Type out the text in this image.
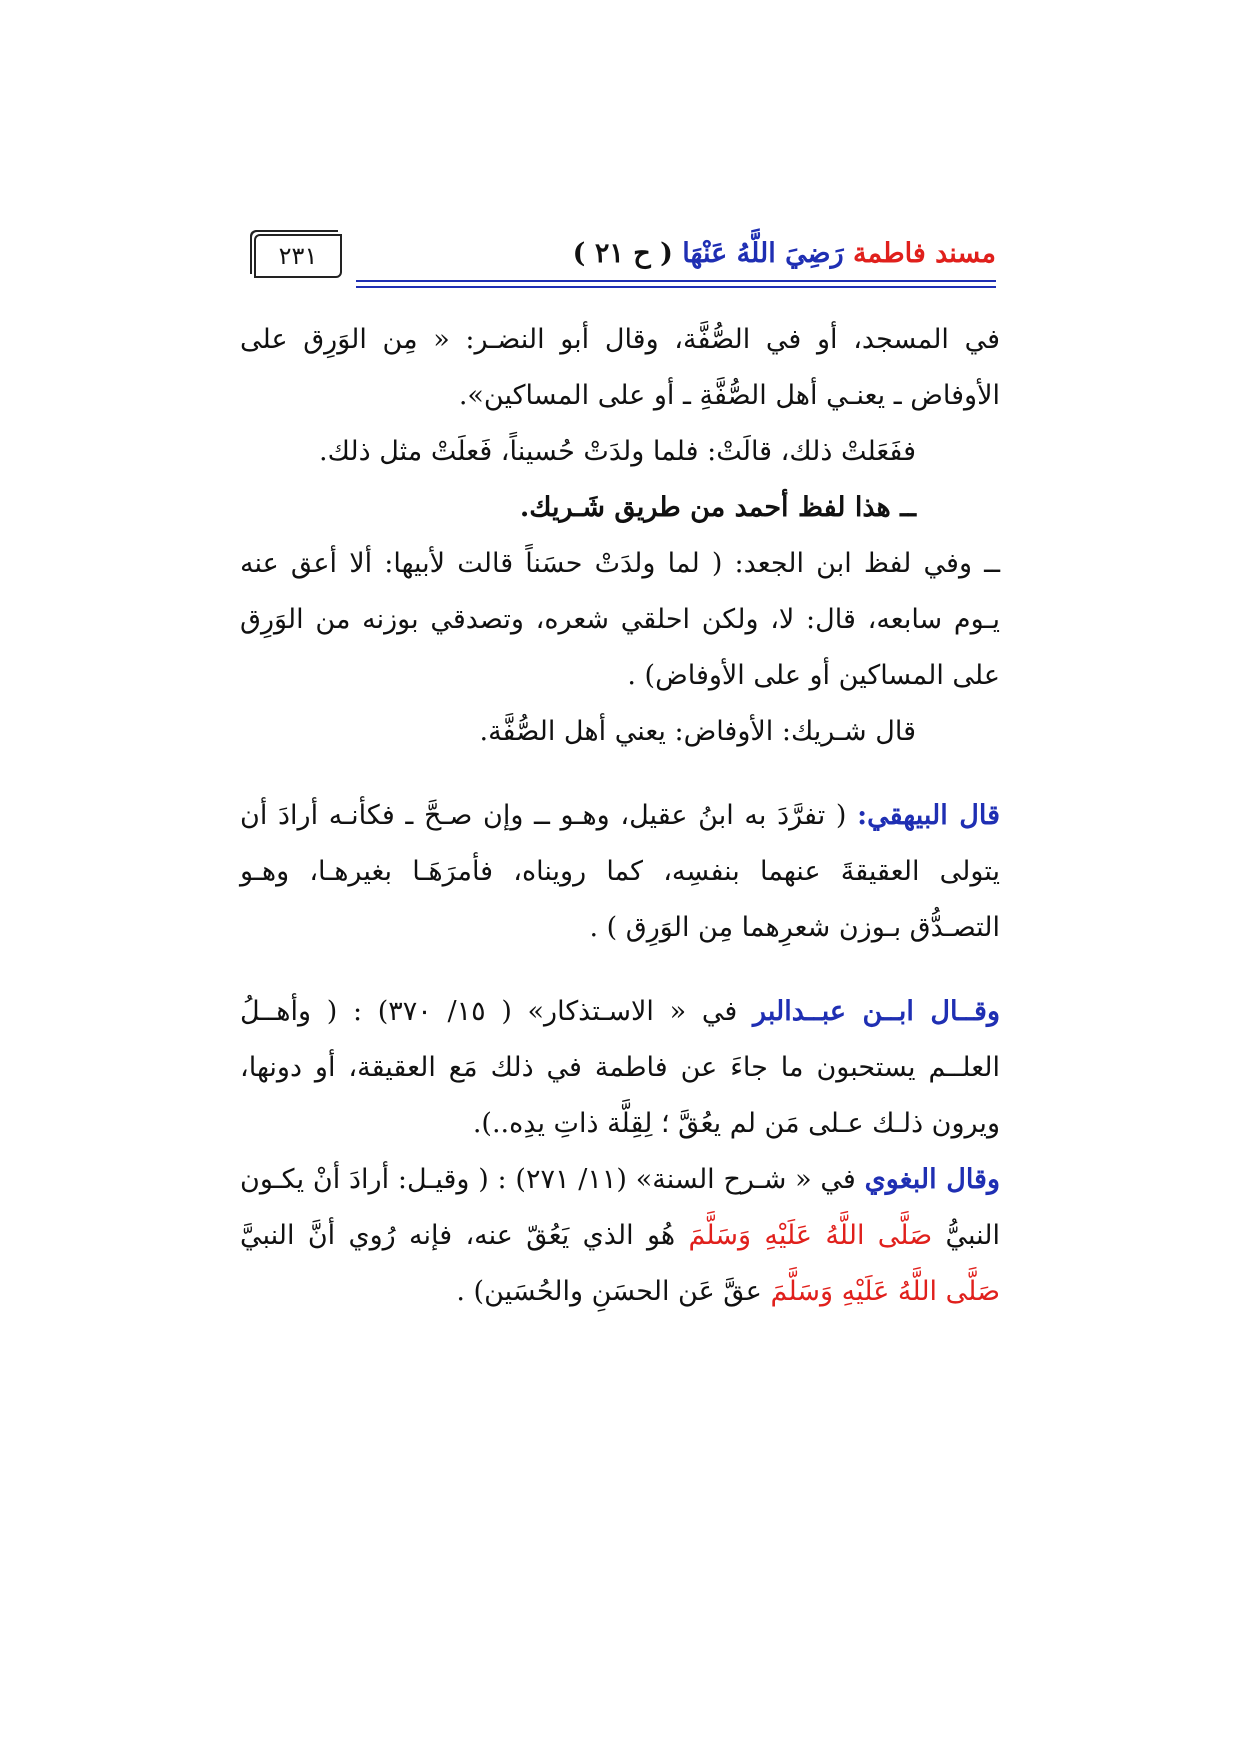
مسند فاطمة رَضِيَ اللَّهُ عَنْهَا ( ح ٢١ )
٢٣١

في المسجد، أو في الصُّفَّة، وقال أبو النضـر: « مِن الوَرِق على الأوفاض ـ يعنـي أهل الصُّفَّةِ ـ أو على المساكين».

ففَعَلتْ ذلك، قالَتْ: فلما ولدَتْ حُسيناً، فَعلَتْ مثل ذلك.

ــ هذا لفظ أحمد من طريق شَـريك.

ــ وفي لفظ ابن الجعد: ( لما ولدَتْ حسَناً قالت لأبيها: ألا أعق عنه يـوم سابعه، قال: لا، ولكن احلقي شعره، وتصدقي بوزنه من الوَرِق على المساكين أو على الأوفاض) .

قال شـريك: الأوفاض: يعني أهل الصُّفَّة.

قال البيهقي: ( تفرَّدَ به ابنُ عقيل، وهـو ــ وإن صـحَّ ـ فكأنـه أرادَ أن يتولى العقيقةَ عنهما بنفسِه، كما رويناه، فأمرَهَـا بغيرهـا، وهـو التصـدُّق بـوزن شعرِهما مِن الوَرِق ) .

وقــال ابــن عبــدالبر في « الاسـتذكار» ( ١٥/ ٣٧٠) : ( وأهــلُ العلــم يستحبون ما جاءَ عن فاطمة في ذلك مَع العقيقة، أو دونها، ويرون ذلـك عـلى مَن لم يعُقَّ ؛ لِقِلَّة ذاتِ يدِه..).

وقال البغوي في « شـرح السنة» (١١/ ٢٧١) : ( وقيـل: أرادَ أنْ يكـون النبيُّ صَلَّى اللَّهُ عَلَيْهِ وَسَلَّمَ هُو الذي يَعُقّ عنه، فإنه رُوي أنَّ النبيَّ صَلَّى اللَّهُ عَلَيْهِ وَسَلَّمَ عقَّ عَن الحسَنِ والحُسَين) .
